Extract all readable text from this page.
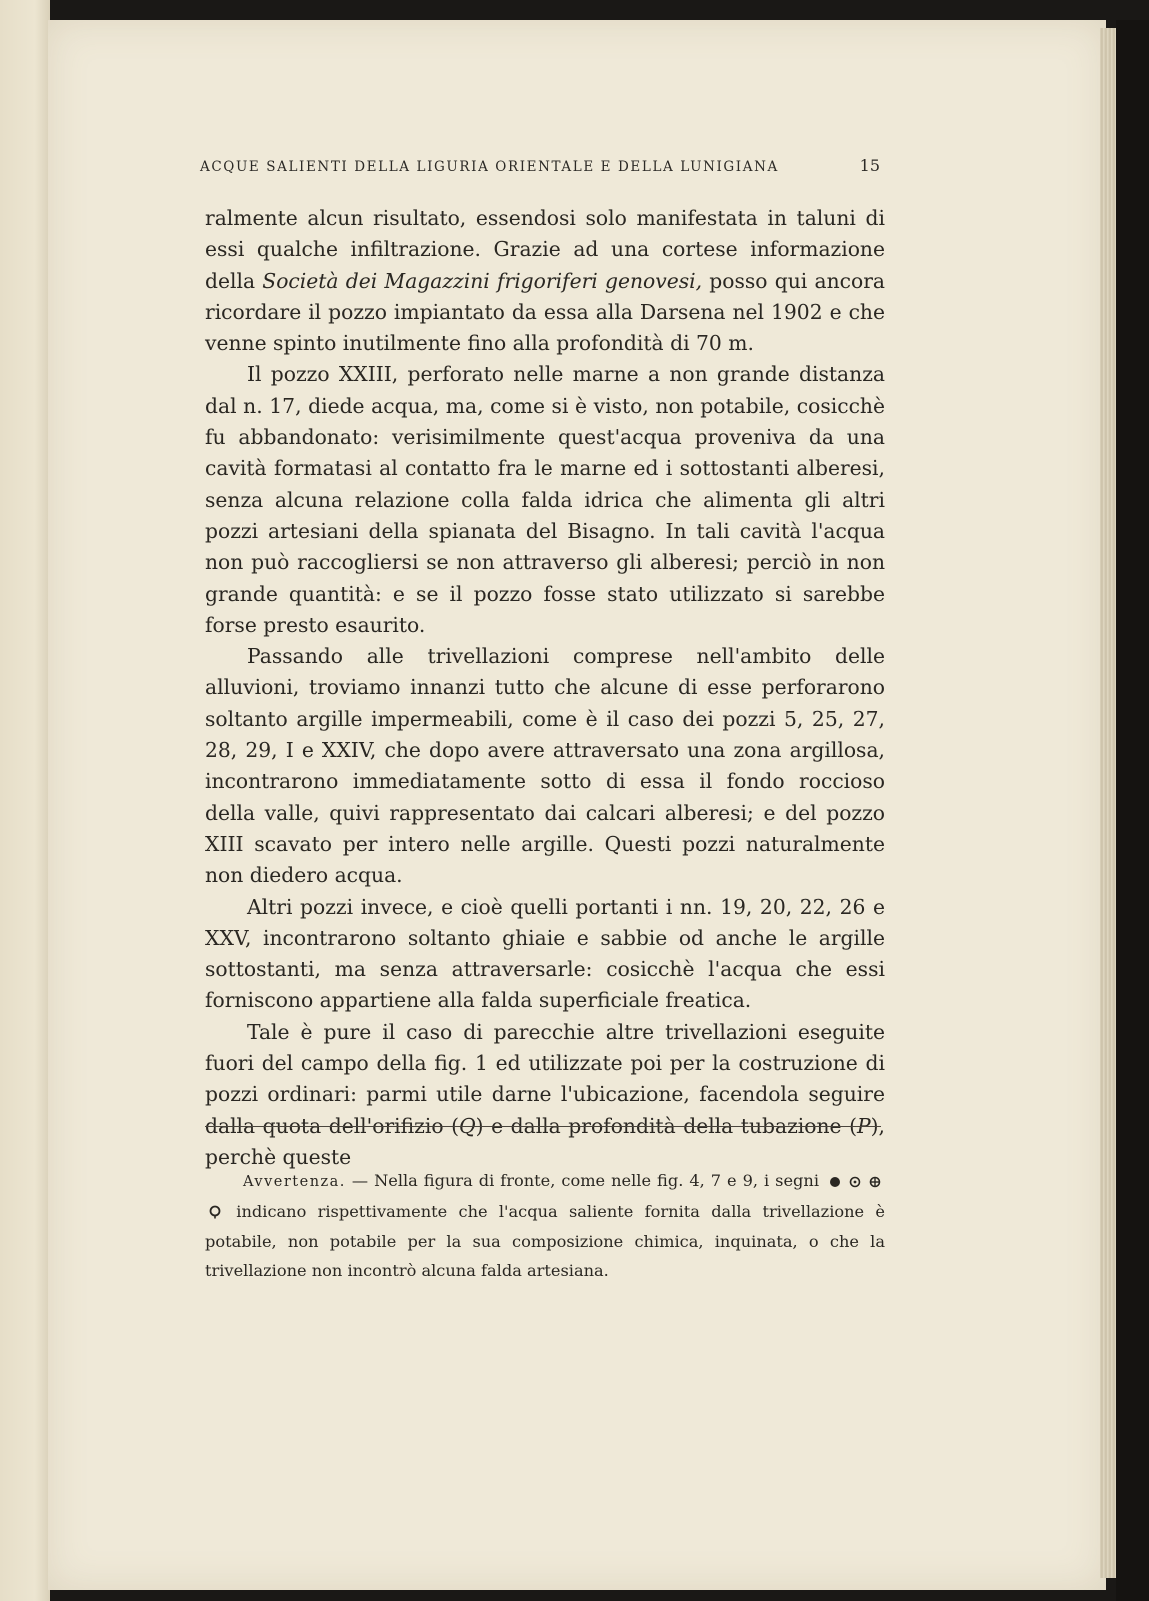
ACQUE SALIENTI DELLA LIGURIA ORIENTALE E DELLA LUNIGIANA	15

ralmente alcun risultato, essendosi solo manifestata in taluni di essi qualche infiltrazione. Grazie ad una cortese informazione della Società dei Magazzini frigoriferi genovesi, posso qui ancora ricordare il pozzo impiantato da essa alla Darsena nel 1902 e che venne spinto inutilmente fino alla profondità di 70 m.

Il pozzo XXIII, perforato nelle marne a non grande distanza dal n. 17, diede acqua, ma, come si è visto, non potabile, cosicchè fu abbandonato: verisimilmente quest'acqua proveniva da una cavità formatasi al contatto fra le marne ed i sottostanti alberesi, senza alcuna relazione colla falda idrica che alimenta gli altri pozzi artesiani della spianata del Bisagno. In tali cavità l'acqua non può raccogliersi se non attraverso gli alberesi; perciò in non grande quantità: e se il pozzo fosse stato utilizzato si sarebbe forse presto esaurito.

Passando alle trivellazioni comprese nell'ambito delle alluvioni, troviamo innanzi tutto che alcune di esse perforarono soltanto argille impermeabili, come è il caso dei pozzi 5, 25, 27, 28, 29, I e XXIV, che dopo avere attraversato una zona argillosa, incontrarono immediatamente sotto di essa il fondo roccioso della valle, quivi rappresentato dai calcari alberesi; e del pozzo XIII scavato per intero nelle argille. Questi pozzi naturalmente non diedero acqua.

Altri pozzi invece, e cioè quelli portanti i nn. 19, 20, 22, 26 e XXV, incontrarono soltanto ghiaie e sabbie od anche le argille sottostanti, ma senza attraversarle: cosicchè l'acqua che essi forniscono appartiene alla falda superficiale freatica.

Tale è pure il caso di parecchie altre trivellazioni eseguite fuori del campo della fig. 1 ed utilizzate poi per la costruzione di pozzi ordinari: parmi utile darne l'ubicazione, facendola seguire dalla quota dell'orifizio (Q) e dalla profondità della tubazione (P), perchè queste

Avvertenza. — Nella figura di fronte, come nelle fig. 4, 7 e 9, i segni  indicano rispettivamente che l'acqua saliente fornita dalla trivellazione è potabile, non potabile per la sua composizione chimica, inquinata, o che la trivellazione non incontrò alcuna falda artesiana.
